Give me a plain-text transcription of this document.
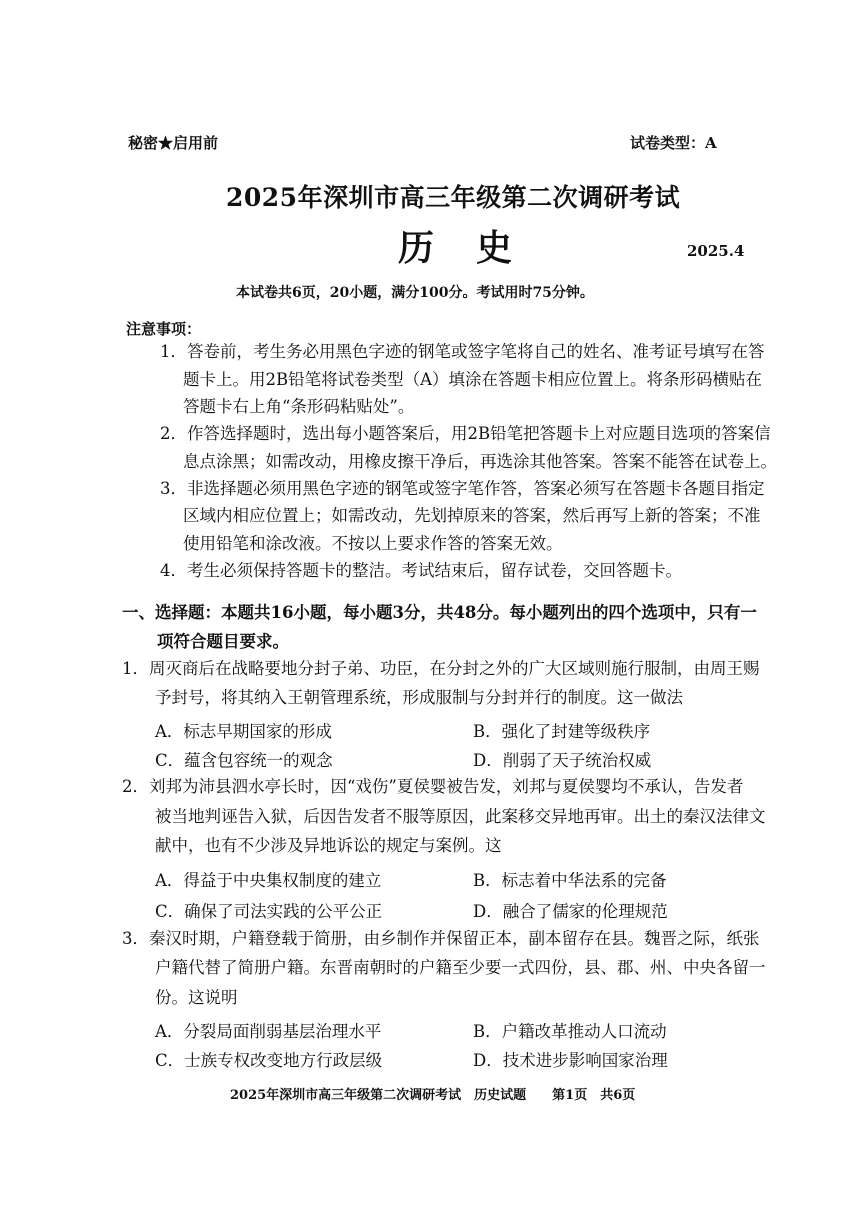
秘密★启用前	试卷类型：A
2025年深圳市高三年级第二次调研考试
历史	2025.4
本试卷共6页，20小题，满分100分。考试用时75分钟。
注意事项：
1．答卷前，考生务必用黑色字迹的钢笔或签字笔将自己的姓名、准考证号填写在答
题卡上。用2B铅笔将试卷类型（A）填涂在答题卡相应位置上。将条形码横贴在
答题卡右上角“条形码粘贴处”。
2．作答选择题时，选出每小题答案后，用2B铅笔把答题卡上对应题目选项的答案信
息点涂黑；如需改动，用橡皮擦干净后，再选涂其他答案。答案不能答在试卷上。
3．非选择题必须用黑色字迹的钢笔或签字笔作答，答案必须写在答题卡各题目指定
区域内相应位置上；如需改动，先划掉原来的答案，然后再写上新的答案；不准
使用铅笔和涂改液。不按以上要求作答的答案无效。
4．考生必须保持答题卡的整洁。考试结束后，留存试卷，交回答题卡。
一、选择题：本题共16小题，每小题3分，共48分。每小题列出的四个选项中，只有一
项符合题目要求。
1．周灭商后在战略要地分封子弟、功臣，在分封之外的广大区域则施行服制，由周王赐
予封号，将其纳入王朝管理系统，形成服制与分封并行的制度。这一做法
A．标志早期国家的形成	B．强化了封建等级秩序
C．蕴含包容统一的观念	D．削弱了天子统治权威
2．刘邦为沛县泗水亭长时，因“戏伤”夏侯婴被告发，刘邦与夏侯婴均不承认，告发者
被当地判诬告入狱，后因告发者不服等原因，此案移交异地再审。出土的秦汉法律文
献中，也有不少涉及异地诉讼的规定与案例。这
A．得益于中央集权制度的建立	B．标志着中华法系的完备
C．确保了司法实践的公平公正	D．融合了儒家的伦理规范
3．秦汉时期，户籍登载于简册，由乡制作并保留正本，副本留存在县。魏晋之际，纸张
户籍代替了简册户籍。东晋南朝时的户籍至少要一式四份，县、郡、州、中央各留一
份。这说明
A．分裂局面削弱基层治理水平	B．户籍改革推动人口流动
C．士族专权改变地方行政层级	D．技术进步影响国家治理
2025年深圳市高三年级第二次调研考试　历史试题　　第1页　共6页
